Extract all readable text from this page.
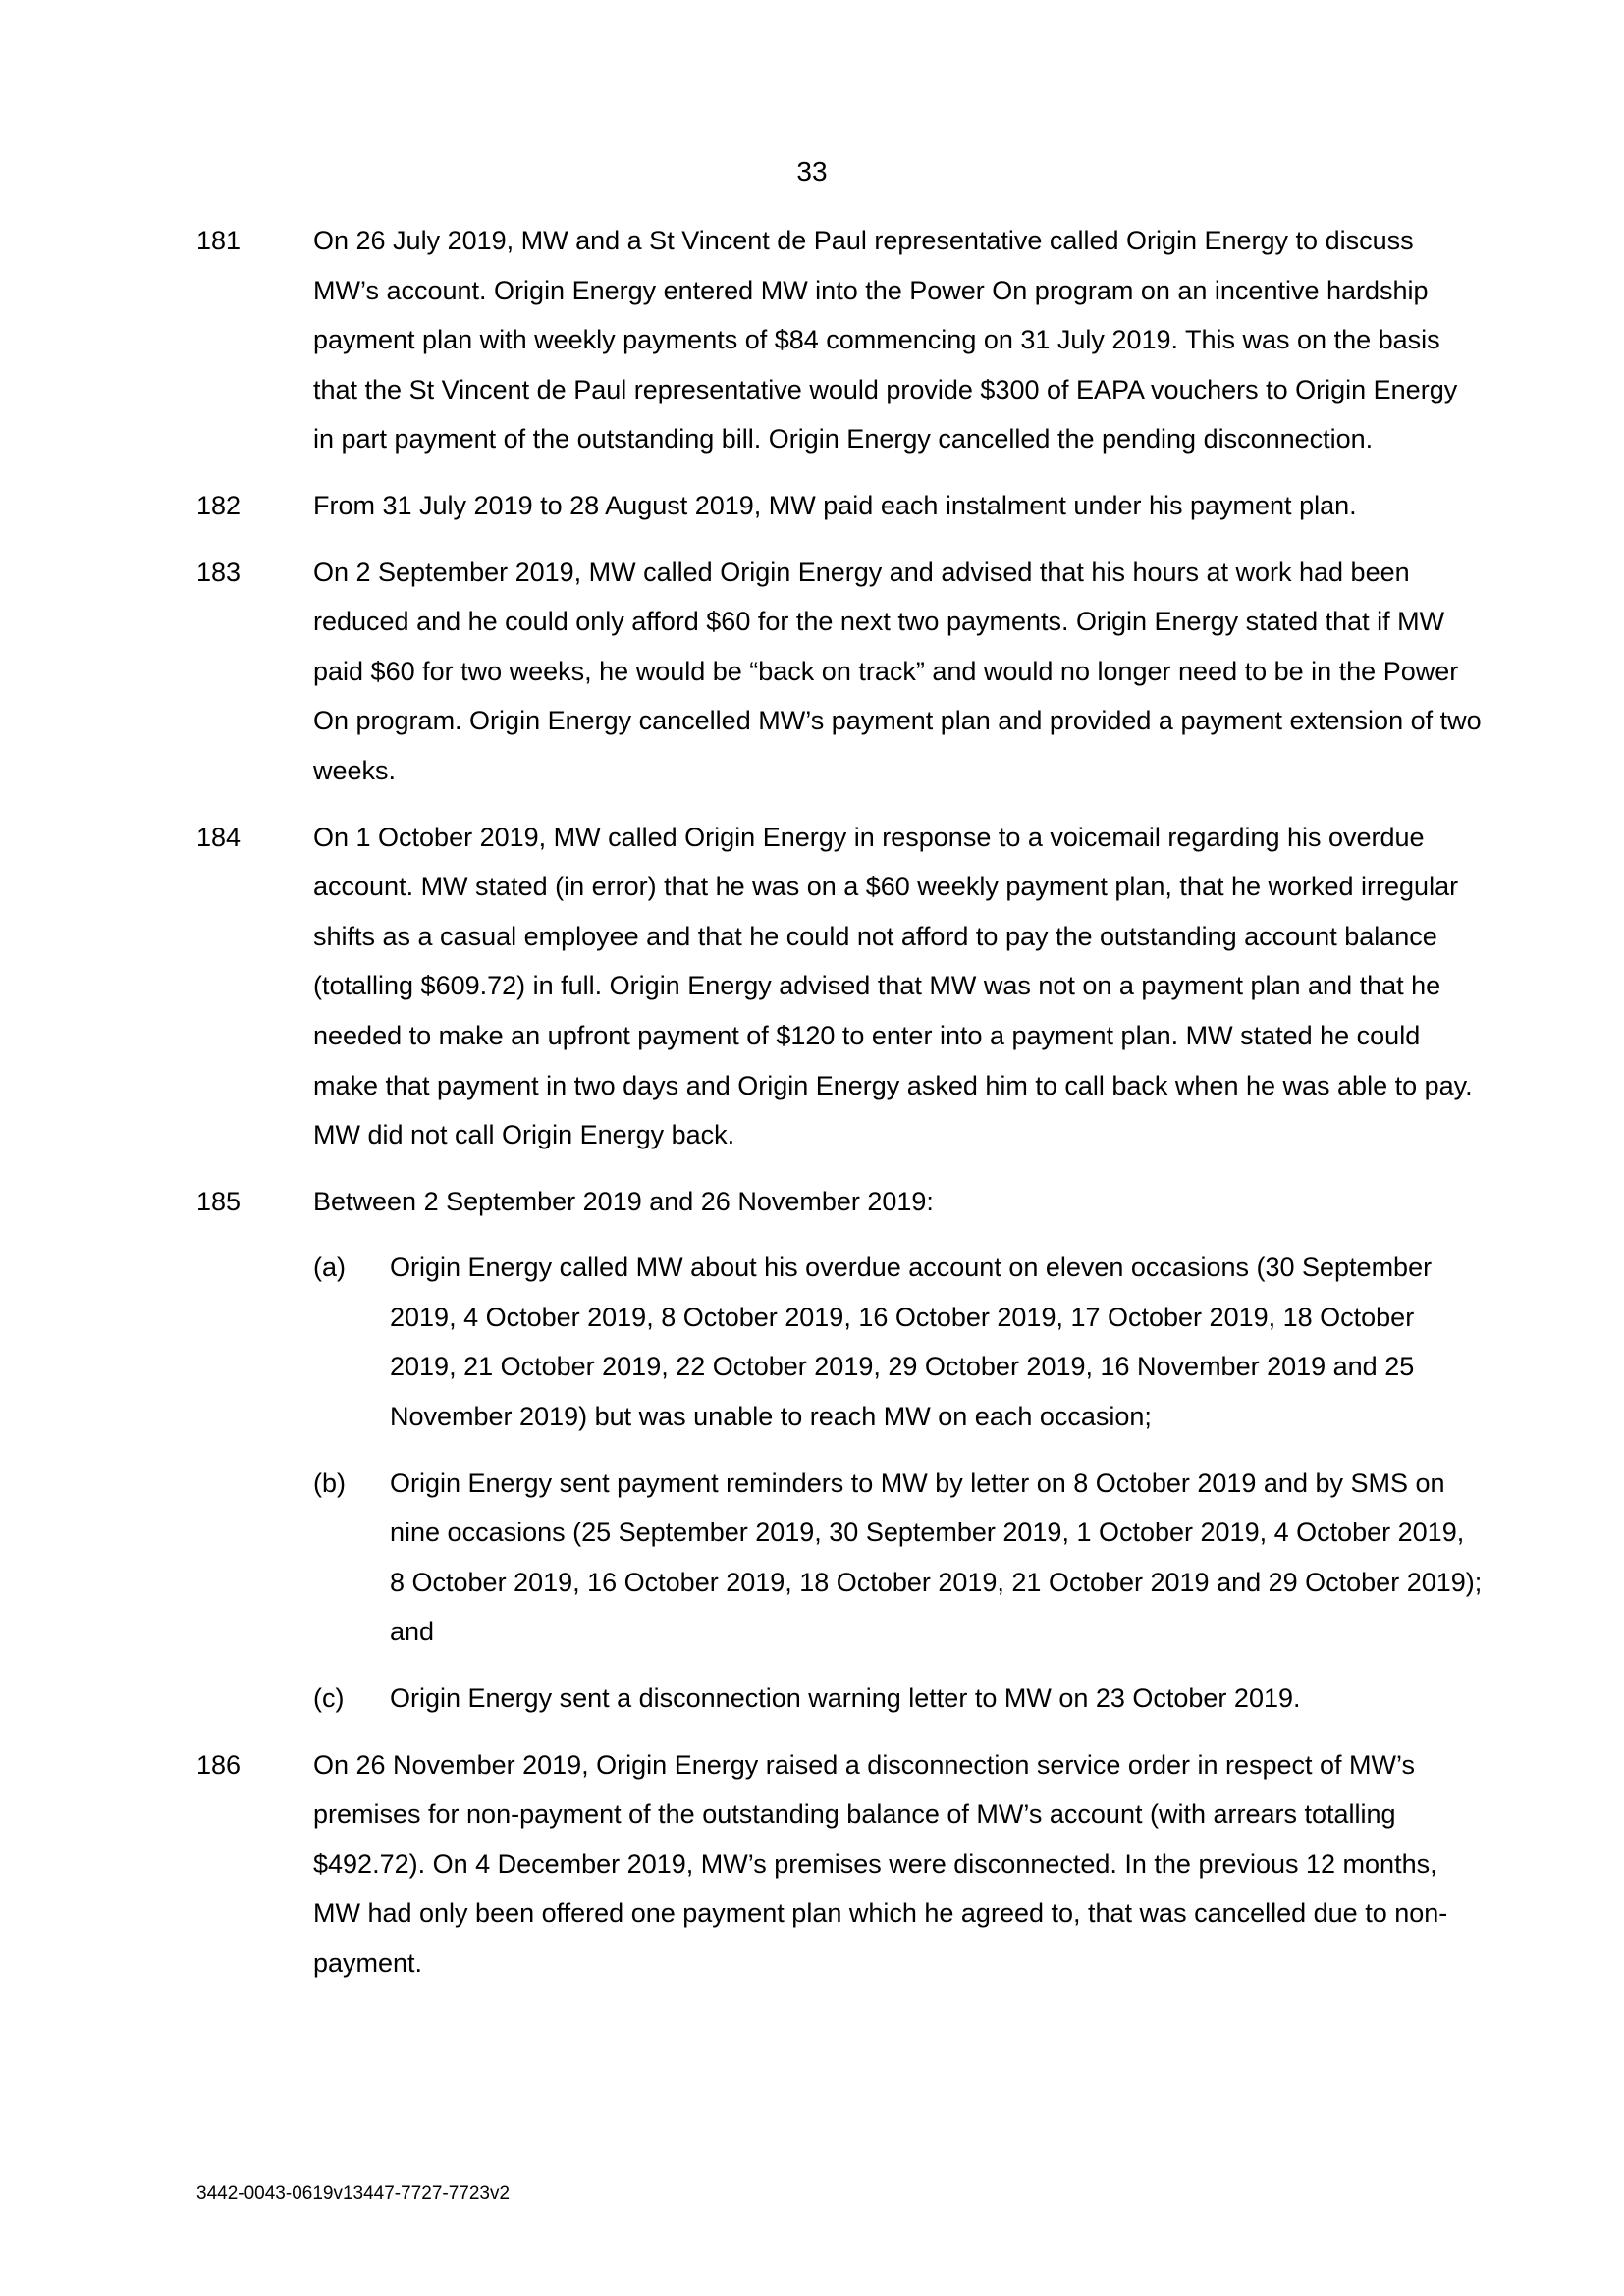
33
181	On 26 July 2019, MW and a St Vincent de Paul representative called Origin Energy to discuss MW’s account. Origin Energy entered MW into the Power On program on an incentive hardship payment plan with weekly payments of $84 commencing on 31 July 2019. This was on the basis that the St Vincent de Paul representative would provide $300 of EAPA vouchers to Origin Energy in part payment of the outstanding bill. Origin Energy cancelled the pending disconnection.
182	From 31 July 2019 to 28 August 2019, MW paid each instalment under his payment plan.
183	On 2 September 2019, MW called Origin Energy and advised that his hours at work had been reduced and he could only afford $60 for the next two payments. Origin Energy stated that if MW paid $60 for two weeks, he would be “back on track” and would no longer need to be in the Power On program. Origin Energy cancelled MW’s payment plan and provided a payment extension of two weeks.
184	On 1 October 2019, MW called Origin Energy in response to a voicemail regarding his overdue account. MW stated (in error) that he was on a $60 weekly payment plan, that he worked irregular shifts as a casual employee and that he could not afford to pay the outstanding account balance (totalling $609.72) in full. Origin Energy advised that MW was not on a payment plan and that he needed to make an upfront payment of $120 to enter into a payment plan. MW stated he could make that payment in two days and Origin Energy asked him to call back when he was able to pay. MW did not call Origin Energy back.
185	Between 2 September 2019 and 26 November 2019:
(a)	Origin Energy called MW about his overdue account on eleven occasions (30 September 2019, 4 October 2019, 8 October 2019, 16 October 2019, 17 October 2019, 18 October 2019, 21 October 2019, 22 October 2019, 29 October 2019, 16 November 2019 and 25 November 2019) but was unable to reach MW on each occasion;
(b)	Origin Energy sent payment reminders to MW by letter on 8 October 2019 and by SMS on nine occasions (25 September 2019, 30 September 2019, 1 October 2019, 4 October 2019, 8 October 2019, 16 October 2019, 18 October 2019, 21 October 2019 and 29 October 2019); and
(c)	Origin Energy sent a disconnection warning letter to MW on 23 October 2019.
186	On 26 November 2019, Origin Energy raised a disconnection service order in respect of MW’s premises for non-payment of the outstanding balance of MW’s account (with arrears totalling $492.72). On 4 December 2019, MW’s premises were disconnected. In the previous 12 months, MW had only been offered one payment plan which he agreed to, that was cancelled due to non-payment.
3442-0043-0619v13447-7727-7723v2
